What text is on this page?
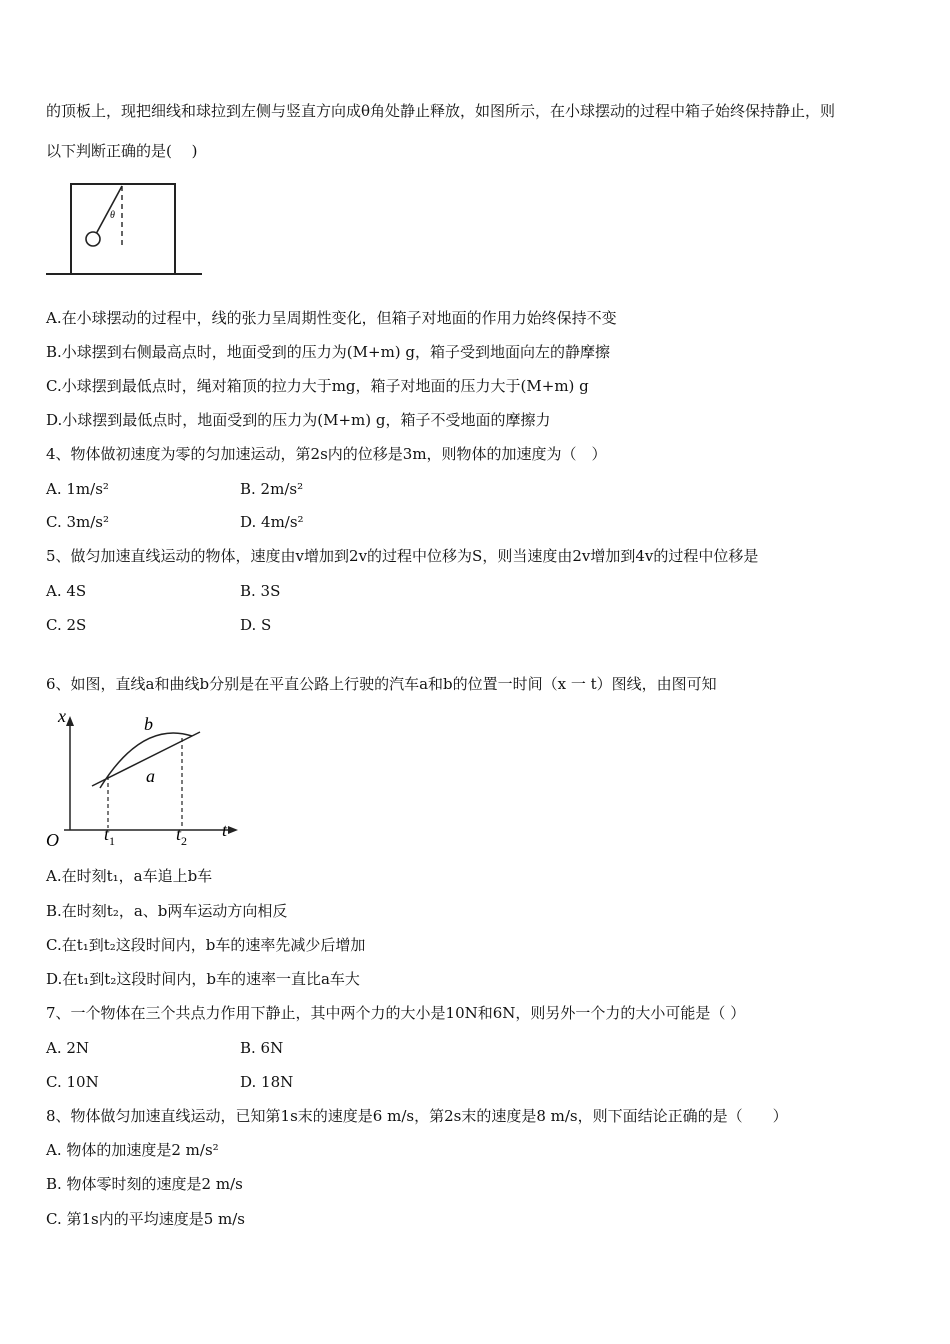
的顶板上，现把细线和球拉到左侧与竖直方向成θ角处静止释放，如图所示，在小球摆动的过程中箱子始终保持静止，则
以下判断正确的是(　 )
θ
A.在小球摆动的过程中，线的张力呈周期性变化，但箱子对地面的作用力始终保持不变
B.小球摆到右侧最高点时，地面受到的压力为(M+m) g，箱子受到地面向左的静摩擦
C.小球摆到最低点时，绳对箱顶的拉力大于mg，箱子对地面的压力大于(M+m) g
D.小球摆到最低点时，地面受到的压力为(M+m) g，箱子不受地面的摩擦力
4、物体做初速度为零的匀加速运动，第2s内的位移是3m，则物体的加速度为（　）
A. 1m/s²	B. 2m/s²
C. 3m/s²	D. 4m/s²
5、做匀加速直线运动的物体，速度由v增加到2v的过程中位移为S，则当速度由2v增加到4v的过程中位移是
A. 4S	B. 3S
C. 2S	D. S
6、如图，直线a和曲线b分别是在平直公路上行驶的汽车a和b的位置一时间（x 一 t）图线，由图可知
x
t
O
b
a
$t_1$	$t_2$
A.在时刻t₁，a车追上b车
B.在时刻t₂，a、b两车运动方向相反
C.在t₁到t₂这段时间内，b车的速率先减少后增加
D.在t₁到t₂这段时间内，b车的速率一直比a车大
7、一个物体在三个共点力作用下静止，其中两个力的大小是10N和6N，则另外一个力的大小可能是（ ）
A. 2N	B. 6N
C. 10N	D. 18N
8、物体做匀加速直线运动，已知第1s末的速度是6 m/s，第2s末的速度是8 m/s，则下面结论正确的是（　　）
A. 物体的加速度是2 m/s²
B. 物体零时刻的速度是2 m/s
C. 第1s内的平均速度是5 m/s
